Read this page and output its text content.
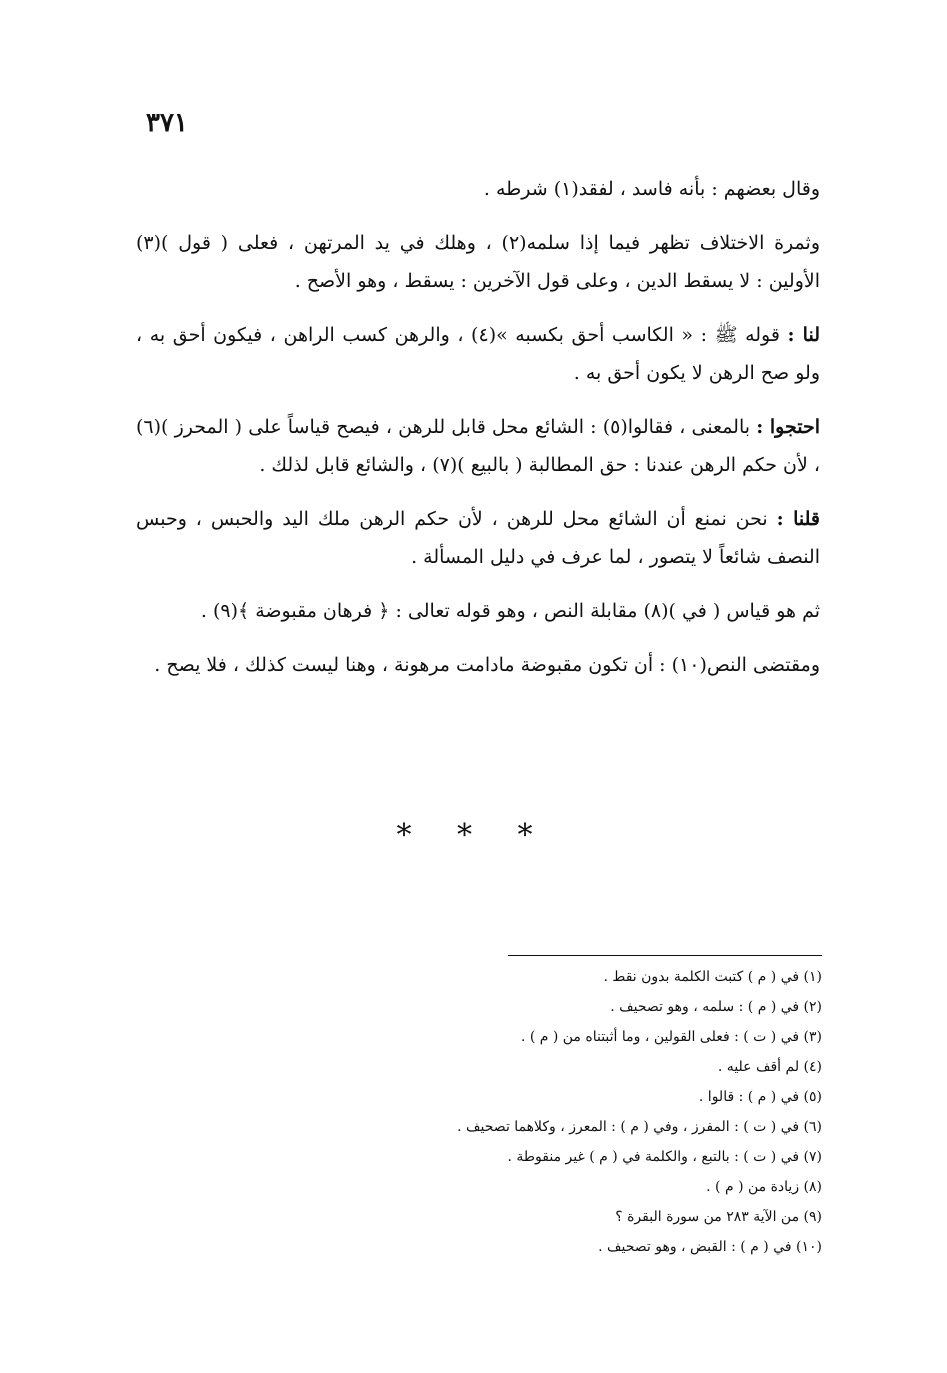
٣٧١

وقال بعضهم : بأنه فاسد ، لفقد(١) شرطه .

وثمرة الاختلاف تظهر فيما إذا سلمه(٢) ، وهلك في يد المرتهن ، فعلى ( قول )(٣) الأولين : لا يسقط الدين ، وعلى قول الآخرين : يسقط ، وهو الأصح .

لنا : قوله ﷺ : « الكاسب أحق بكسبه »(٤) ، والرهن كسب الراهن ، فيكون أحق به ، ولو صح الرهن لا يكون أحق به .

احتجوا : بالمعنى ، فقالوا(٥) : الشائع محل قابل للرهن ، فيصح قياساً على ( المحرز )(٦) ، لأن حكم الرهن عندنا : حق المطالبة ( بالبيع )(٧) ، والشائع قابل لذلك .

قلنا : نحن نمنع أن الشائع محل للرهن ، لأن حكم الرهن ملك اليد والحبس ، وحبس النصف شائعاً لا يتصور ، لما عرف في دليل المسألة .

ثم هو قياس ( في )(٨) مقابلة النص ، وهو قوله تعالى : ﴿ فرهان مقبوضة ﴾(٩) .

ومقتضى النص(١٠) : أن تكون مقبوضة مادامت مرهونة ، وهنا ليست كذلك ، فلا يصح .

* * *
(١) في ( م ) كتبت الكلمة بدون نقط .
(٢) في ( م ) : سلمه ، وهو تصحيف .
(٣) في ( ت ) : فعلى القولين ، وما أثبتناه من ( م ) .
(٤) لم أقف عليه .
(٥) في ( م ) : قالوا .
(٦) في ( ت ) : المفرز ، وفي ( م ) : المعرز ، وكلاهما تصحيف .
(٧) في ( ت ) : بالتبع ، والكلمة في ( م ) غير منقوطة .
(٨) زيادة من ( م ) .
(٩) من الآية ٢٨٣ من سورة البقرة ؟
(١٠) في ( م ) : القبض ، وهو تصحيف .
